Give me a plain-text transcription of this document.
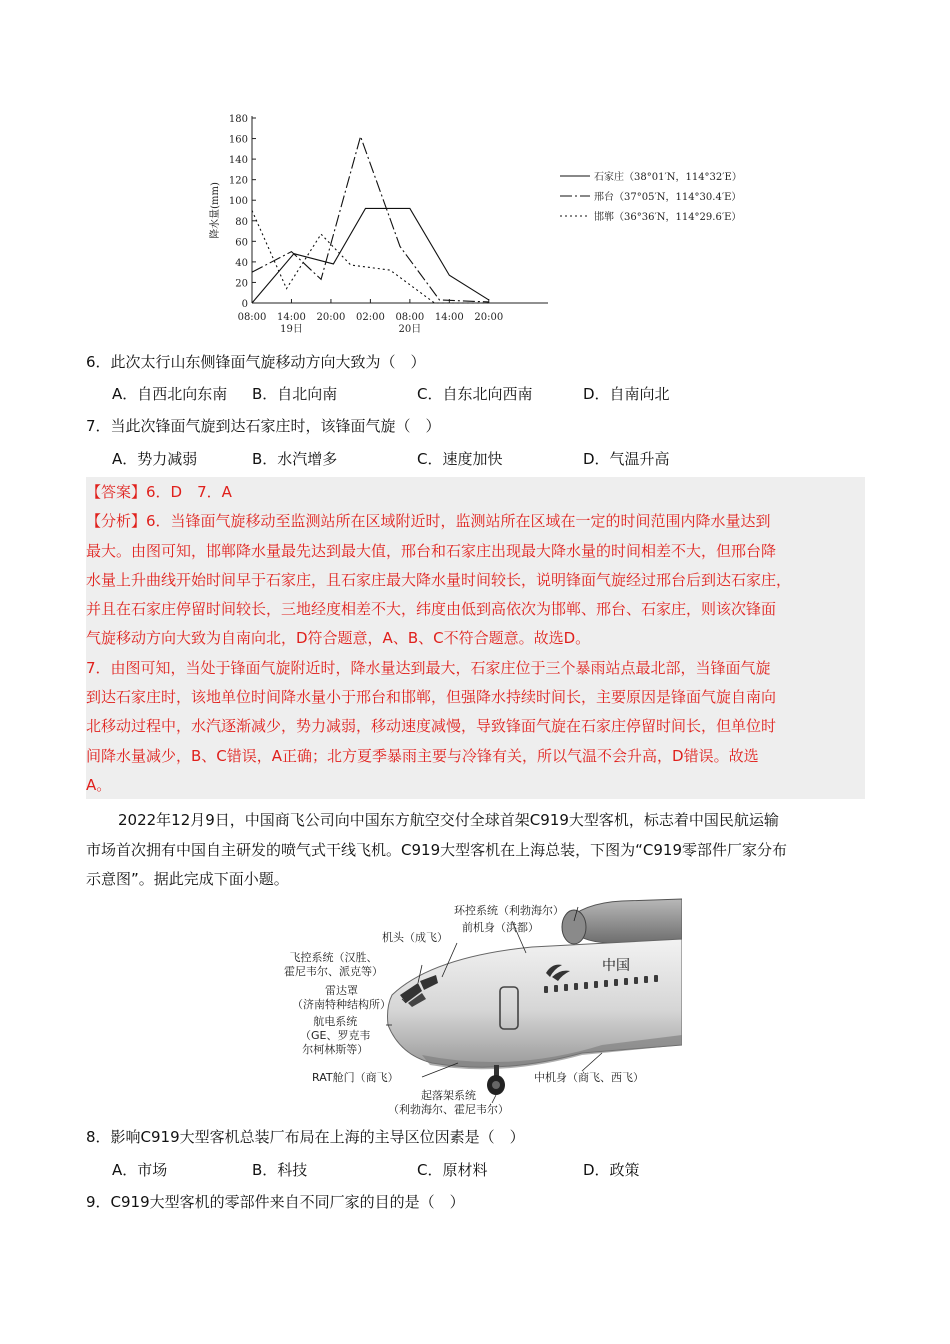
0
20
40
60
80
100
120
140
160
180
降水量(mm)
08:00 14:00 20:00 02:00 08:00 14:00 20:00
19日	20日
石家庄（38°01′N，114°32′E）
邢台（37°05′N，114°30.4′E）
邯郸（36°36′N，114°29.6′E）
6．此次太行山东侧锋面气旋移动方向大致为（　）
A．自西北向东南 B．自北向南	C．自东北向西南	D．自南向北
7．当此次锋面气旋到达石家庄时，该锋面气旋（　）
A．势力减弱	B．水汽增多	C．速度加快	D．气温升高

【答案】6．D　7．A

【分析】6．当锋面气旋移动至监测站所在区域附近时，监测站所在区域在一定的时间范围内降水量达到

最大。由图可知，邯郸降水量最先达到最大值，邢台和石家庄出现最大降水量的时间相差不大，但邢台降

水量上升曲线开始时间早于石家庄，且石家庄最大降水量时间较长，说明锋面气旋经过邢台后到达石家庄，

并且在石家庄停留时间较长，三地经度相差不大，纬度由低到高依次为邯郸、邢台、石家庄，则该次锋面

气旋移动方向大致为自南向北，D符合题意，A、B、C不符合题意。故选D。

7．由图可知，当处于锋面气旋附近时，降水量达到最大，石家庄位于三个暴雨站点最北部，当锋面气旋

到达石家庄时，该地单位时间降水量小于邢台和邯郸，但强降水持续时间长，主要原因是锋面气旋自南向

北移动过程中，水汽逐渐减少，势力减弱，移动速度减慢，导致锋面气旋在石家庄停留时间长，但单位时

间降水量减少，B、C错误，A正确；北方夏季暴雨主要与冷锋有关，所以气温不会升高，D错误。故选

A。

2022年12月9日，中国商飞公司向中国东方航空交付全球首架C919大型客机，标志着中国民航运输

市场首次拥有中国自主研发的喷气式干线飞机。C919大型客机在上海总装，下图为“C919零部件厂家分布

示意图”。据此完成下面小题。

环控系统（利勃海尔）
前机身（洪都）
机头（成飞）
飞控系统（汉胜、
霍尼韦尔、派克等）
雷达罩
（济南特种结构所）
航电系统
（GE、罗克韦
尔柯林斯等）
RAT舱门（商飞）
起落架系统
（利勃海尔、霍尼韦尔）
中机身（商飞、西飞）
中国
8．影响C919大型客机总装厂布局在上海的主导区位因素是（　）
A．市场	B．科技	C．原材料	D．政策
9．C919大型客机的零部件来自不同厂家的目的是（　）
